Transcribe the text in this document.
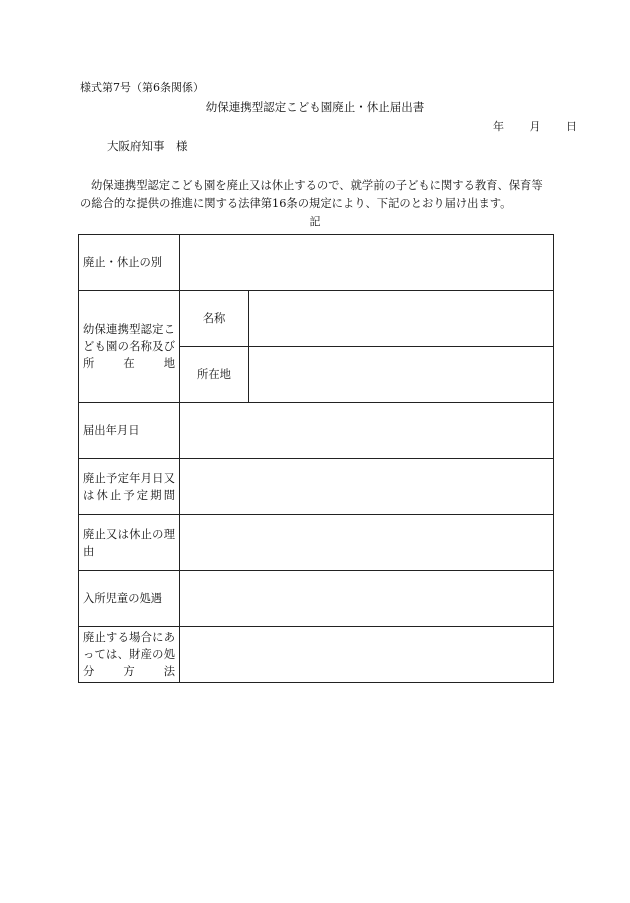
様式第7号（第6条関係）
幼保連携型認定こども園廃止・休止届出書
年 月 日
大阪府知事　様
幼保連携型認定こども園を廃止又は休止するので、就学前の子どもに関する教育、保育等の総合的な提供の推進に関する法律第16条の規定により、下記のとおり届け出ます。
記
廃止・休止の別		
幼保連携型認定こども園の名称及び所在地	名称	
	所在地	
届出年月日		
廃止予定年月日又は休止予定期間		
廃止又は休止の理由		
入所児童の処遇		
廃止する場合にあっては、財産の処分方法		
